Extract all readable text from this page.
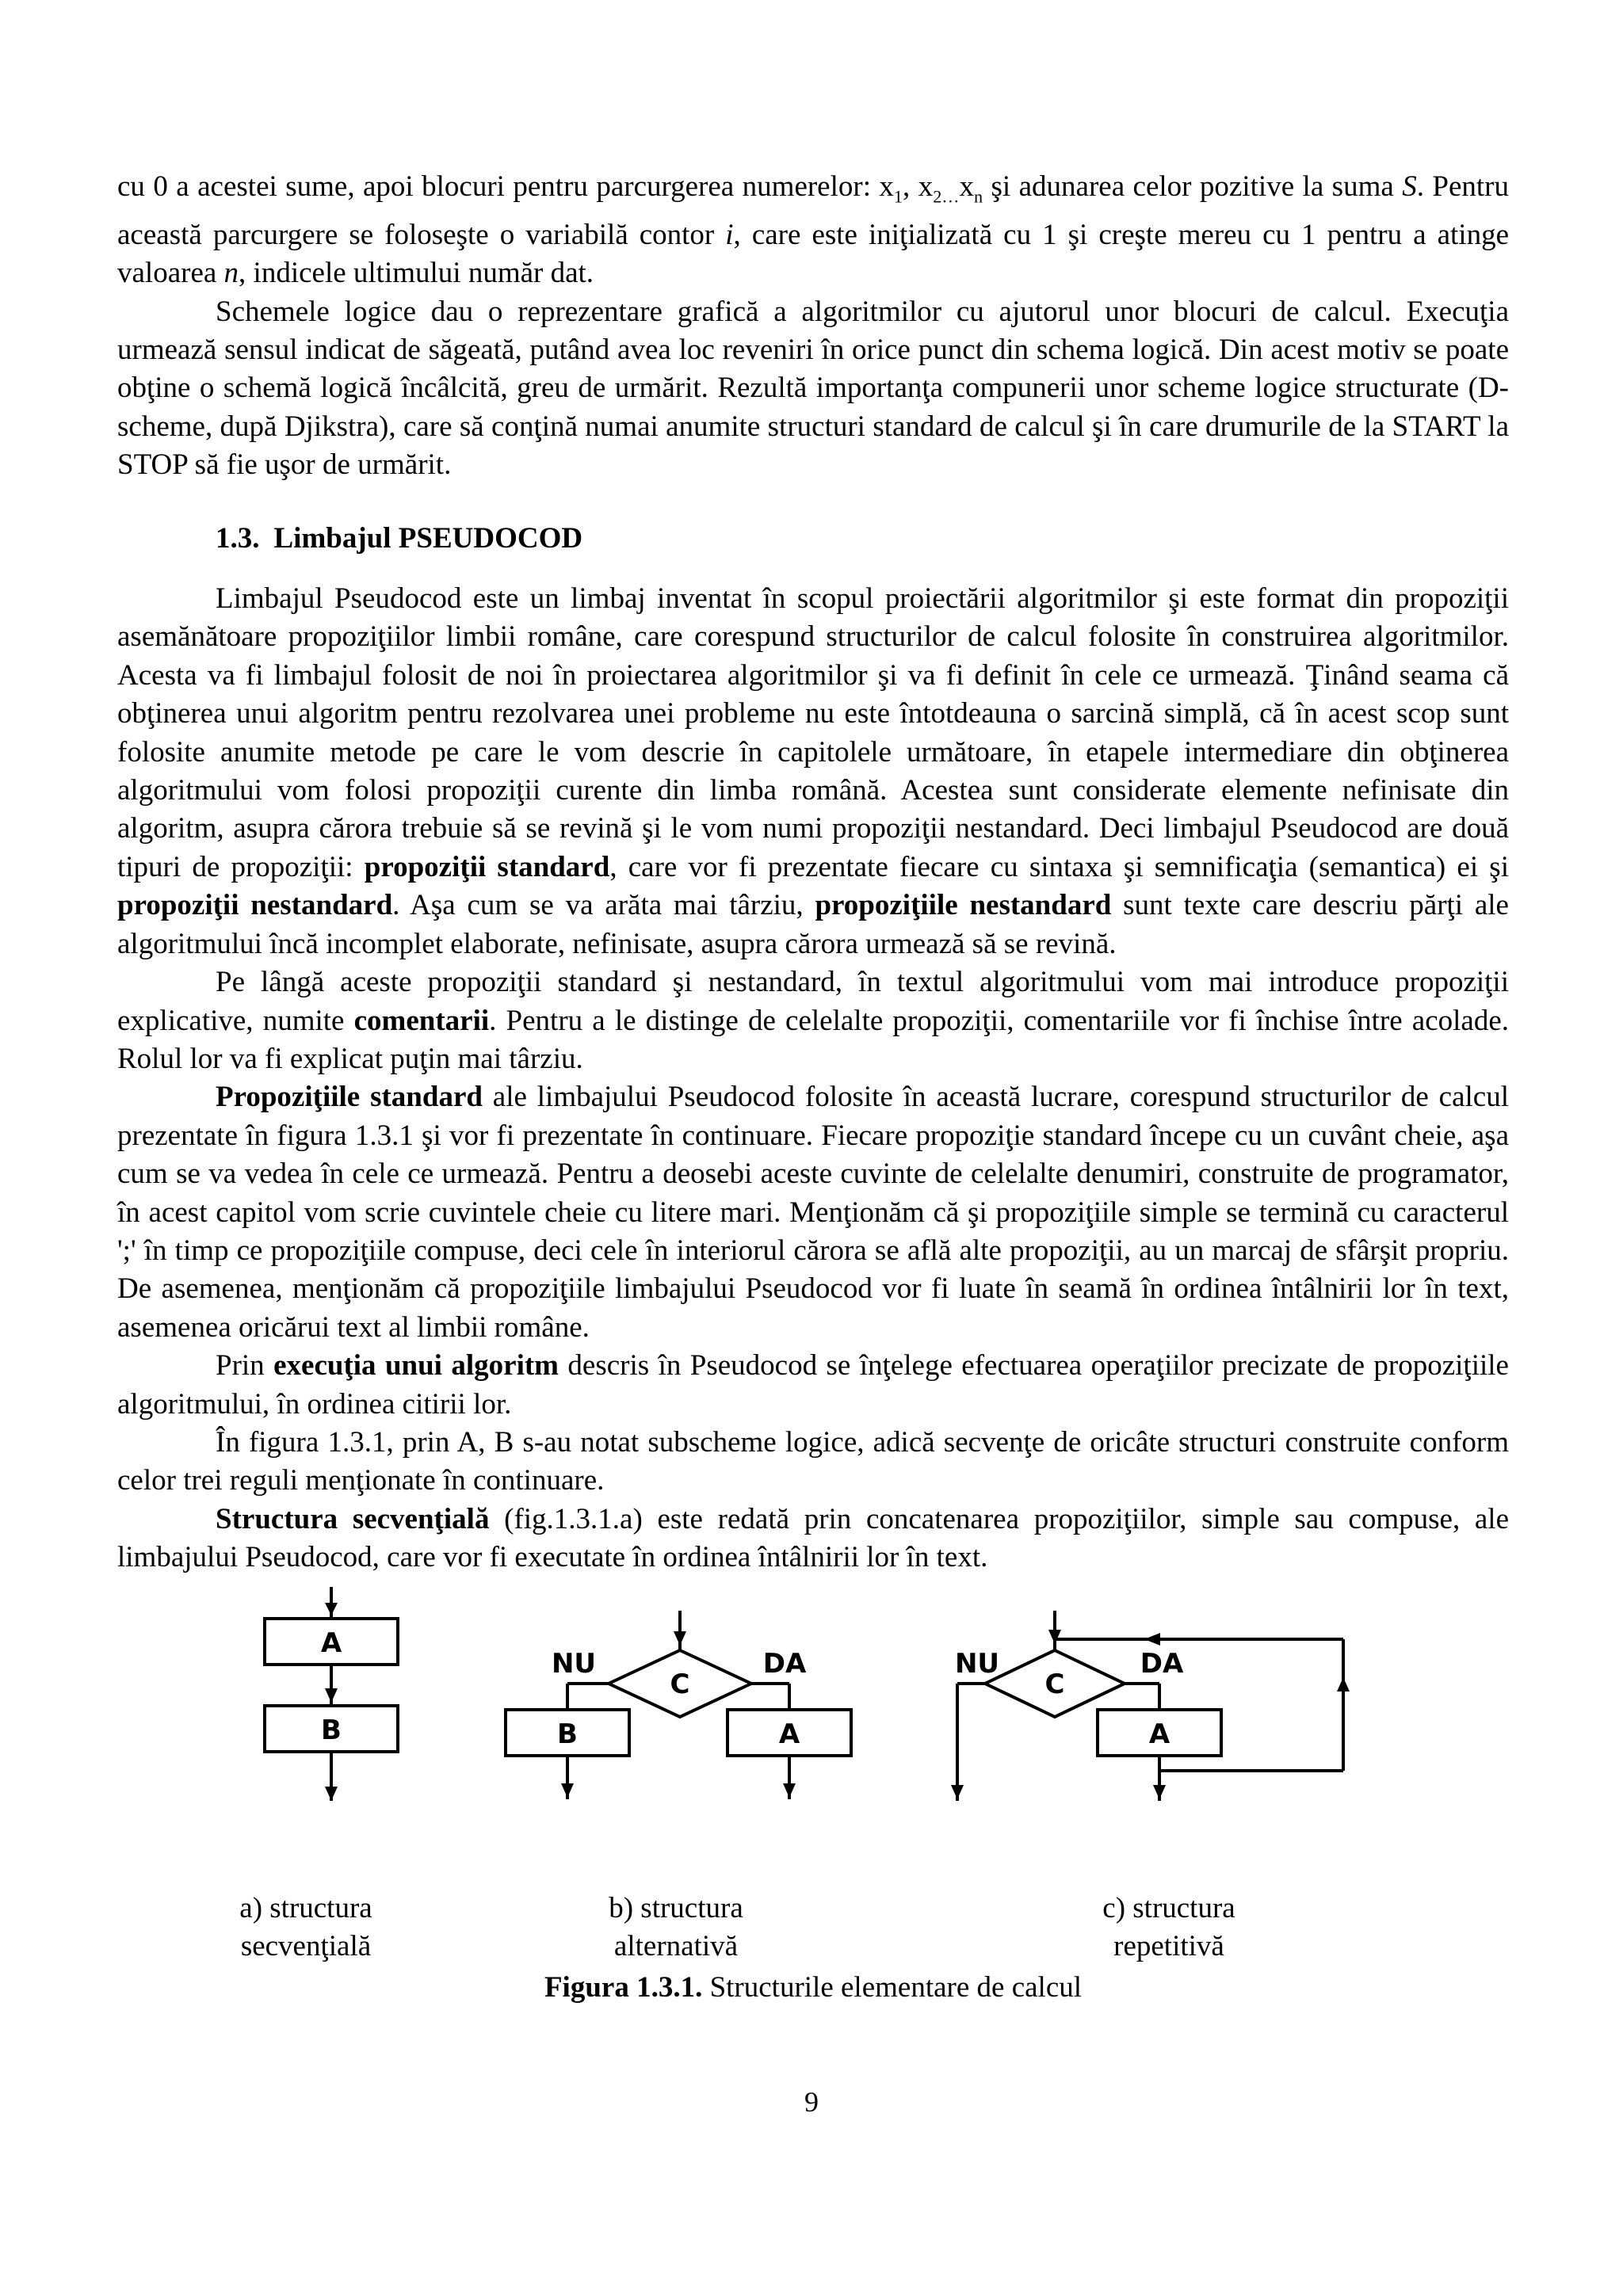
cu 0 a acestei sume, apoi blocuri pentru parcurgerea numerelor: $x_1$, $x_{2\dots}x_n$ şi adunarea celor pozitive la suma S. Pentru această parcurgere se foloseşte o variabilă contor i, care este iniţializată cu 1 şi creşte mereu cu 1 pentru a atinge valoarea n, indicele ultimului număr dat.

Schemele logice dau o reprezentare grafică a algoritmilor cu ajutorul unor blocuri de calcul. Execuţia urmează sensul indicat de săgeată, putând avea loc reveniri în orice punct din schema logică. Din acest motiv se poate obţine o schemă logică încâlcită, greu de urmărit. Rezultă importanţa compunerii unor scheme logice structurate (D-scheme, după Djikstra), care să conţină numai anumite structuri standard de calcul şi în care drumurile de la START la STOP să fie uşor de urmărit.

1.3. Limbajul PSEUDOCOD

Limbajul Pseudocod este un limbaj inventat în scopul proiectării algoritmilor şi este format din propoziţii asemănătoare propoziţiilor limbii române, care corespund structurilor de calcul folosite în construirea algoritmilor. Acesta va fi limbajul folosit de noi în proiectarea algoritmilor şi va fi definit în cele ce urmează. Ţinând seama că obţinerea unui algoritm pentru rezolvarea unei probleme nu este întotdeauna o sarcină simplă, că în acest scop sunt folosite anumite metode pe care le vom descrie în capitolele următoare, în etapele intermediare din obţinerea algoritmului vom folosi propoziţii curente din limba română. Acestea sunt considerate elemente nefinisate din algoritm, asupra cărora trebuie să se revină şi le vom numi propoziţii nestandard. Deci limbajul Pseudocod are două tipuri de propoziţii: propoziţii standard, care vor fi prezentate fiecare cu sintaxa şi semnificaţia (semantica) ei şi propoziţii nestandard. Aşa cum se va arăta mai târziu, propoziţiile nestandard sunt texte care descriu părţi ale algoritmului încă incomplet elaborate, nefinisate, asupra cărora urmează să se revină.

Pe lângă aceste propoziţii standard şi nestandard, în textul algoritmului vom mai introduce propoziţii explicative, numite comentarii. Pentru a le distinge de celelalte propoziţii, comentariile vor fi închise între acolade. Rolul lor va fi explicat puţin mai târziu.

Propoziţiile standard ale limbajului Pseudocod folosite în această lucrare, corespund structurilor de calcul prezentate în figura 1.3.1 şi vor fi prezentate în continuare. Fiecare propoziţie standard începe cu un cuvânt cheie, aşa cum se va vedea în cele ce urmează. Pentru a deosebi aceste cuvinte de celelalte denumiri, construite de programator, în acest capitol vom scrie cuvintele cheie cu litere mari. Menţionăm că şi propoziţiile simple se termină cu caracterul ';' în timp ce propoziţiile compuse, deci cele în interiorul cărora se află alte propoziţii, au un marcaj de sfârşit propriu. De asemenea, menţionăm că propoziţiile limbajului Pseudocod vor fi luate în seamă în ordinea întâlnirii lor în text, asemenea oricărui text al limbii române.

Prin execuţia unui algoritm descris în Pseudocod se înţelege efectuarea operaţiilor precizate de propoziţiile algoritmului, în ordinea citirii lor.

În figura 1.3.1, prin A, B s-au notat subscheme logice, adică secvenţe de oricâte structuri construite conform celor trei reguli menţionate în continuare.

Structura secvenţială (fig.1.3.1.a) este redată prin concatenarea propoziţiilor, simple sau compuse, ale limbajului Pseudocod, care vor fi executate în ordinea întâlnirii lor în text.

A
B
C
NU	DA
B	A
C
NU	DA
A
a) structura
secvenţială
b) structura
alternativă
c) structura
repetitivă
Figura 1.3.1. Structurile elementare de calcul
9
